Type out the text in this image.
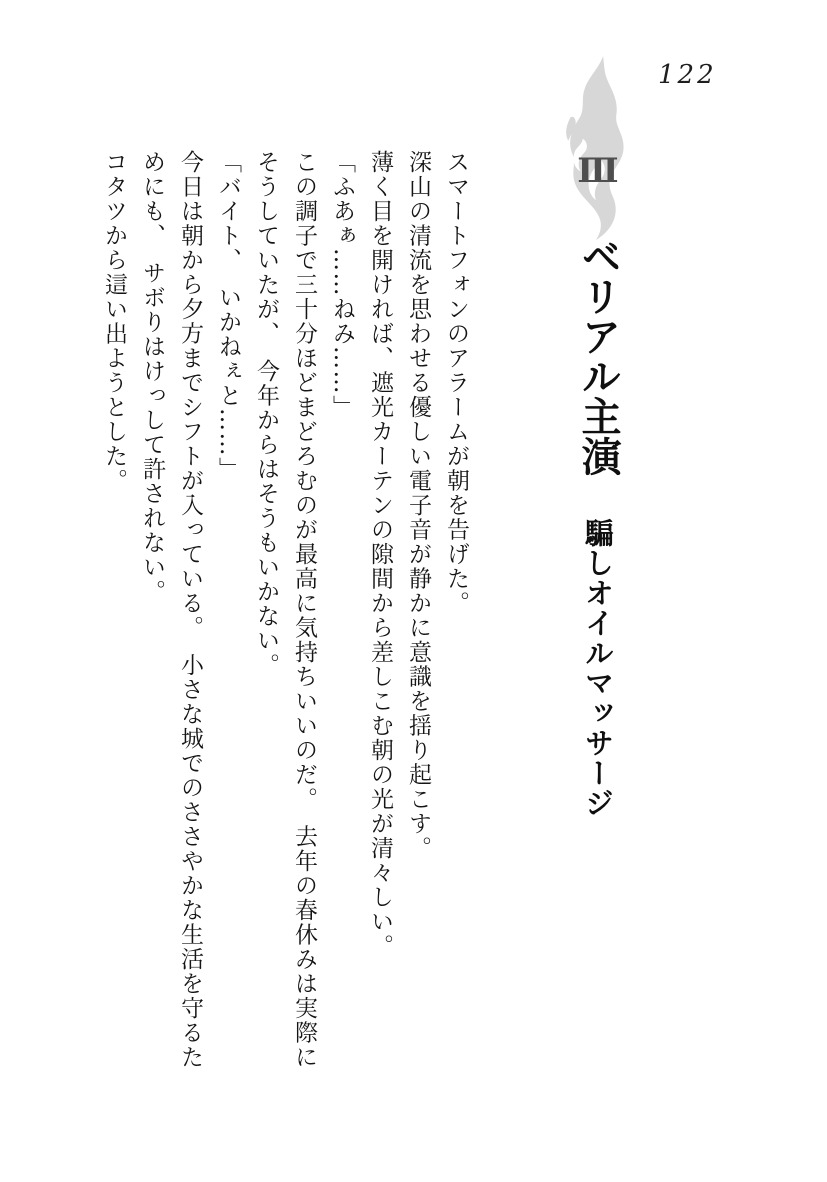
122
Ⅲ
ベリアル主演騙しオイルマッサージ

スマートフォンのアラームが朝を告げた。

深山の清流を思わせる優しい電子音が静かに意識を揺り起こす。

薄く目を開ければ、遮光カーテンの隙間から差しこむ朝の光が清々しい。

「ふあぁ……ねみ……」

この調子で三十分ほどまどろむのが最高に気持ちいいのだ。　去年の春休みは実際にそうしていたが、　今年からはそうもいかない。

「バイト、　いかねぇと……」

今日は朝から夕方までシフトが入っている。　小さな城でのささやかな生活を守るためにも、　サボりはけっして許されない。

コタツから這い出ようとした。
